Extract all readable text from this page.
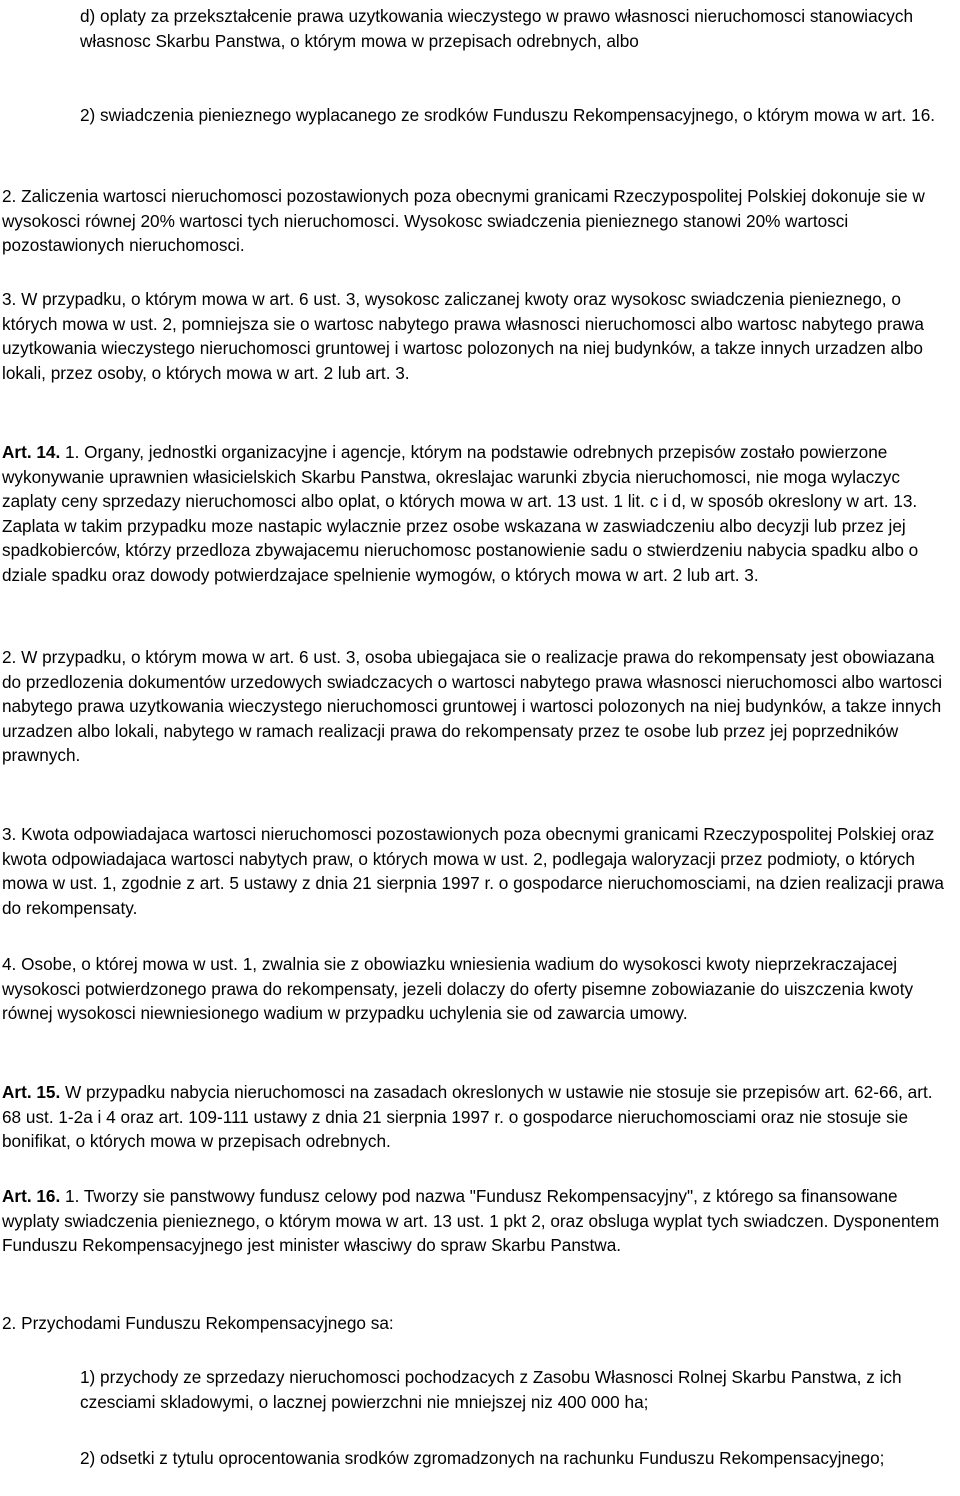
d) oplaty za przekształcenie prawa uzytkowania wieczystego w prawo własnosci nieruchomosci stanowiacych własnosc Skarbu Panstwa, o którym mowa w przepisach odrebnych, albo

2) swiadczenia pienieznego wyplacanego ze srodków Funduszu Rekompensacyjnego, o którym mowa w art. 16.

2. Zaliczenia wartosci nieruchomosci pozostawionych poza obecnymi granicami Rzeczypospolitej Polskiej dokonuje sie w wysokosci równej 20% wartosci tych nieruchomosci. Wysokosc swiadczenia pienieznego stanowi 20% wartosci pozostawionych nieruchomosci.

3. W przypadku, o którym mowa w art. 6 ust. 3, wysokosc zaliczanej kwoty oraz wysokosc swiadczenia pienieznego, o których mowa w ust. 2, pomniejsza sie o wartosc nabytego prawa własnosci nieruchomosci albo wartosc nabytego prawa uzytkowania wieczystego nieruchomosci gruntowej i wartosc polozonych na niej budynków, a takze innych urzadzen albo lokali, przez osoby, o których mowa w art. 2 lub art. 3.

Art. 14. 1. Organy, jednostki organizacyjne i agencje, którym na podstawie odrebnych przepisów zostało powierzone wykonywanie uprawnien własicielskich Skarbu Panstwa, okreslajac warunki zbycia nieruchomosci, nie moga wylaczyc zaplaty ceny sprzedazy nieruchomosci albo oplat, o których mowa w art. 13 ust. 1 lit. c i d, w sposób okreslony w art. 13. Zaplata w takim przypadku moze nastapic wylacznie przez osobe wskazana w zaswiadczeniu albo decyzji lub przez jej spadkobierców, którzy przedloza zbywajacemu nieruchomosc postanowienie sadu o stwierdzeniu nabycia spadku albo o dziale spadku oraz dowody potwierdzajace spelnienie wymogów, o których mowa w art. 2 lub art. 3.

2. W przypadku, o którym mowa w art. 6 ust. 3, osoba ubiegajaca sie o realizacje prawa do rekompensaty jest obowiazana do przedlozenia dokumentów urzedowych swiadczacych o wartosci nabytego prawa własnosci nieruchomosci albo wartosci nabytego prawa uzytkowania wieczystego nieruchomosci gruntowej i wartosci polozonych na niej budynków, a takze innych urzadzen albo lokali, nabytego w ramach realizacji prawa do rekompensaty przez te osobe lub przez jej poprzedników prawnych.

3. Kwota odpowiadajaca wartosci nieruchomosci pozostawionych poza obecnymi granicami Rzeczypospolitej Polskiej oraz kwota odpowiadajaca wartosci nabytych praw, o których mowa w ust. 2, podlegaja waloryzacji przez podmioty, o których mowa w ust. 1, zgodnie z art. 5 ustawy z dnia 21 sierpnia 1997 r. o gospodarce nieruchomosciami, na dzien realizacji prawa do rekompensaty.

4. Osobe, o której mowa w ust. 1, zwalnia sie z obowiazku wniesienia wadium do wysokosci kwoty nieprzekraczajacej wysokosci potwierdzonego prawa do rekompensaty, jezeli dolaczy do oferty pisemne zobowiazanie do uiszczenia kwoty równej wysokosci niewniesionego wadium w przypadku uchylenia sie od zawarcia umowy.

Art. 15. W przypadku nabycia nieruchomosci na zasadach okreslonych w ustawie nie stosuje sie przepisów art. 62-66, art. 68 ust. 1-2a i 4 oraz art. 109-111 ustawy z dnia 21 sierpnia 1997 r. o gospodarce nieruchomosciami oraz nie stosuje sie bonifikat, o których mowa w przepisach odrebnych.

Art. 16. 1. Tworzy sie panstwowy fundusz celowy pod nazwa "Fundusz Rekompensacyjny", z którego sa finansowane wyplaty swiadczenia pienieznego, o którym mowa w art. 13 ust. 1 pkt 2, oraz obsluga wyplat tych swiadczen. Dysponentem Funduszu Rekompensacyjnego jest minister własciwy do spraw Skarbu Panstwa.

2. Przychodami Funduszu Rekompensacyjnego sa:

1) przychody ze sprzedazy nieruchomosci pochodzacych z Zasobu Własnosci Rolnej Skarbu Panstwa, z ich czesciami skladowymi, o lacznej powierzchni nie mniejszej niz 400 000 ha;

2) odsetki z tytulu oprocentowania srodków zgromadzonych na rachunku Funduszu Rekompensacyjnego;
